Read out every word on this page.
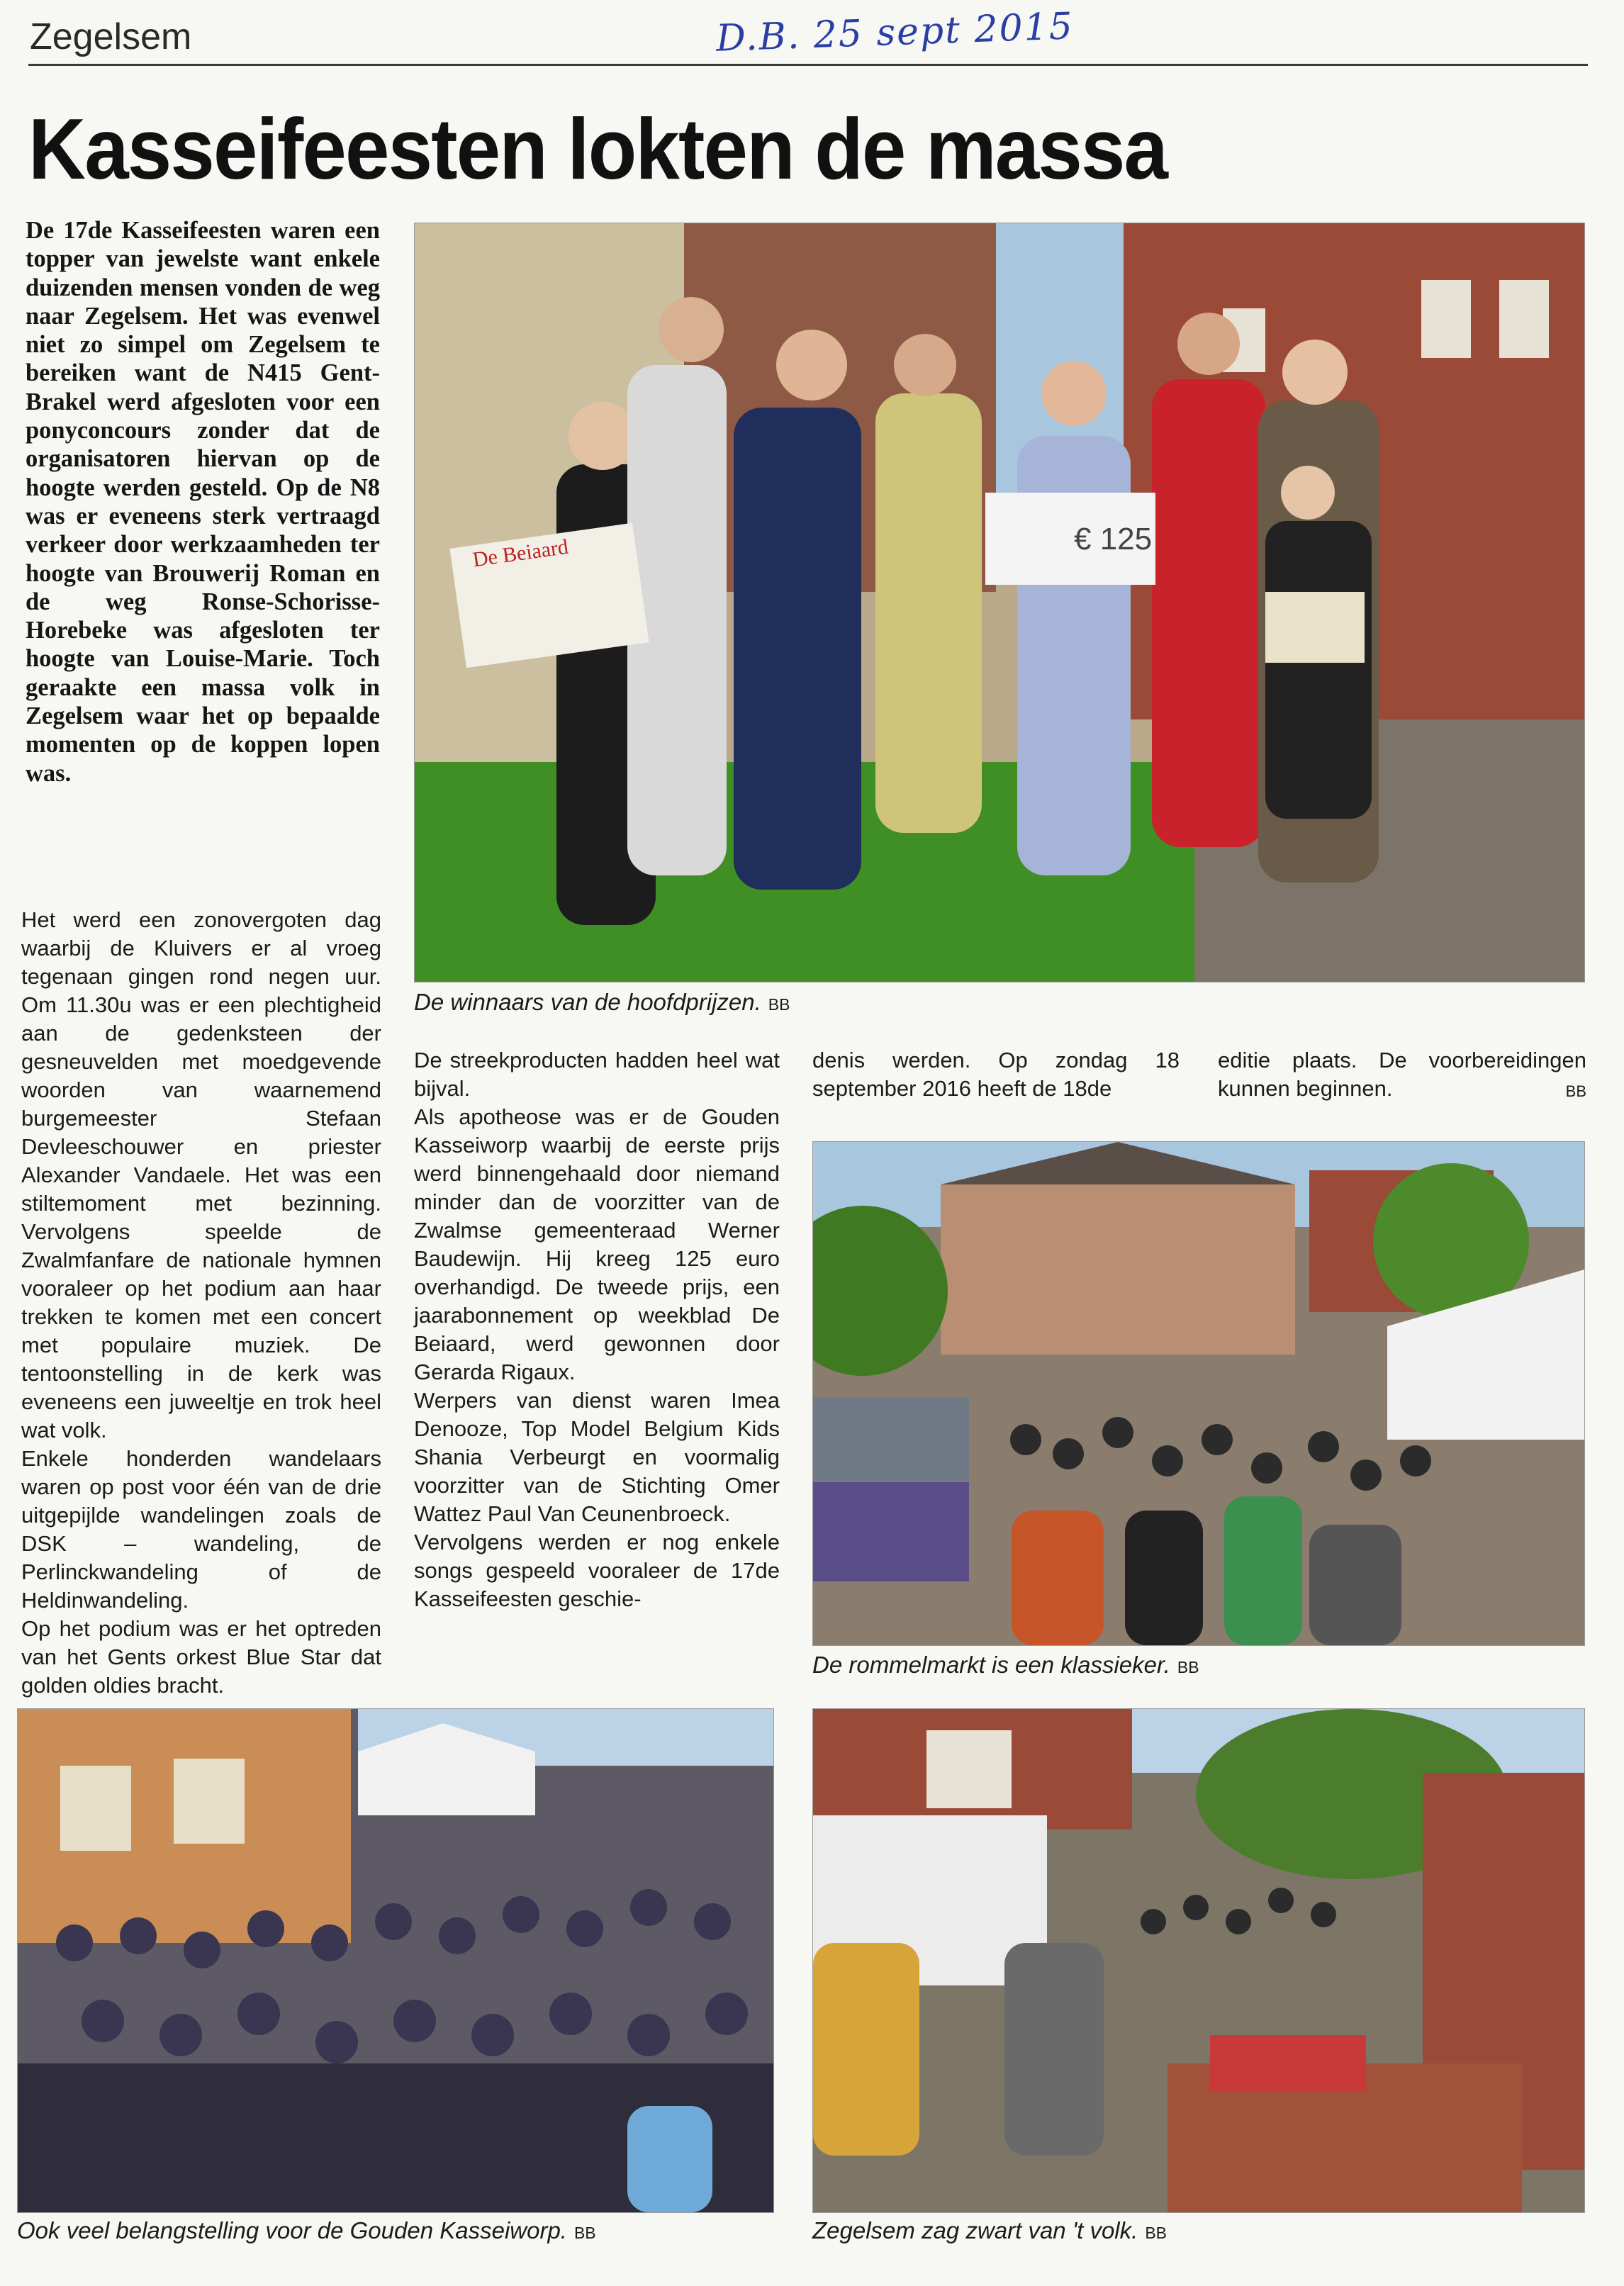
Zegelsem	D.B. 25 sept 2015
Kasseifeesten lokten de massa
De 17de Kasseifeesten waren een topper van jewelste want enkele duizenden mensen vonden de weg naar Zegelsem. Het was evenwel niet zo simpel om Zegelsem te bereiken want de N415 Gent-Brakel werd afgesloten voor een ponyconcours zonder dat de organisatoren hiervan op de hoogte werden gesteld. Op de N8 was er eveneens sterk vertraagd verkeer door werkzaamheden ter hoogte van Brouwerij Roman en de weg Ronse-Schorisse-Horebeke was afgesloten ter hoogte van Louise-Marie. Toch geraakte een massa volk in Zegelsem waar het op bepaalde momenten op de koppen lopen was.

Het werd een zonovergoten dag waarbij de Kluivers er al vroeg tegenaan gingen rond negen uur. Om 11.30u was er een plechtigheid aan de gedenksteen der gesneuvelden met moedgevende woorden van waarnemend burgemeester Stefaan Devleeschouwer en priester Alexander Vandaele. Het was een stiltemoment met bezinning. Vervolgens speelde de Zwalmfanfare de nationale hymnen vooraleer op het podium aan haar trekken te komen met een concert met populaire muziek. De tentoonstelling in de kerk was eveneens een juweeltje en trok heel wat volk.

Enkele honderden wandelaars waren op post voor één van de drie uitgepijlde wandelingen zoals de DSK – wandeling, de Perlinckwandeling of de Heldinwandeling.

Op het podium was er het optreden van het Gents orkest Blue Star dat golden oldies bracht.

De Beiaard	€ 125
De winnaars van de hoofdprijzen. BB

De streekproducten hadden heel wat bijval.

Als apotheose was er de Gouden Kasseiworp waarbij de eerste prijs werd binnengehaald door niemand minder dan de voorzitter van de Zwalmse gemeenteraad Werner Baudewijn. Hij kreeg 125 euro overhandigd. De tweede prijs, een jaarabonnement op weekblad De Beiaard, werd gewonnen door Gerarda Rigaux.

Werpers van dienst waren Imea Denooze, Top Model Belgium Kids Shania Verbeurgt en voormalig voorzitter van de Stichting Omer Wattez Paul Van Ceunenbroeck.

Vervolgens werden er nog enkele songs gespeeld vooraleer de 17de Kasseifeesten geschie-

denis werden. Op zondag 18 september 2016 heeft de 18de

editie plaats. De voorbereidingen kunnen beginnen.	BB

De rommelmarkt is een klassieker. BB
Ook veel belangstelling voor de Gouden Kasseiworp. BB	Zegelsem zag zwart van 't volk. BB
